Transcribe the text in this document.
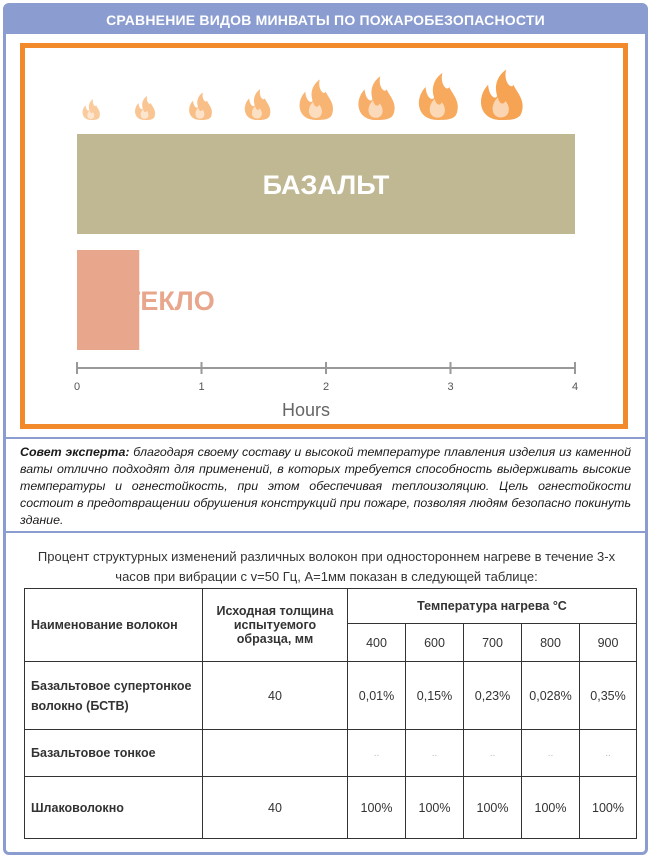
СРАВНЕНИЕ ВИДОВ МИНВАТЫ ПО ПОЖАРОБЕЗОПАСНОСТИ
БАЗАЛЬТ
СТЕКЛО
0	1	2	3	4
Hours
Совет эксперта: благодаря своему составу и высокой температуре плавления изделия из каменной ваты отлично подходят для применений, в которых требуется способность выдерживать высокие температуры и огнестойкость, при этом обеспечивая теплоизоляцию. Цель огнестойкости состоит в предотвращении обрушения конструкций при пожаре, позволяя людям безопасно покинуть здание.
Процент структурных изменений различных волокон при одностороннем нагреве в течение 3-х часов при вибрации с v=50 Гц, А=1мм показан в следующей таблице:
Наименование волокон	Исходная толщина испытуемого образца, мм	Температура нагрева °С				
		400	600	700	800	900
Базальтовое супертонкое волокно (БСТВ)	40	0,01%	0,15%	0,23%	0,028%	0,35%
Базальтовое тонкое		..	..	..	..	..
Шлаковолокно	40	100%	100%	100%	100%	100%
